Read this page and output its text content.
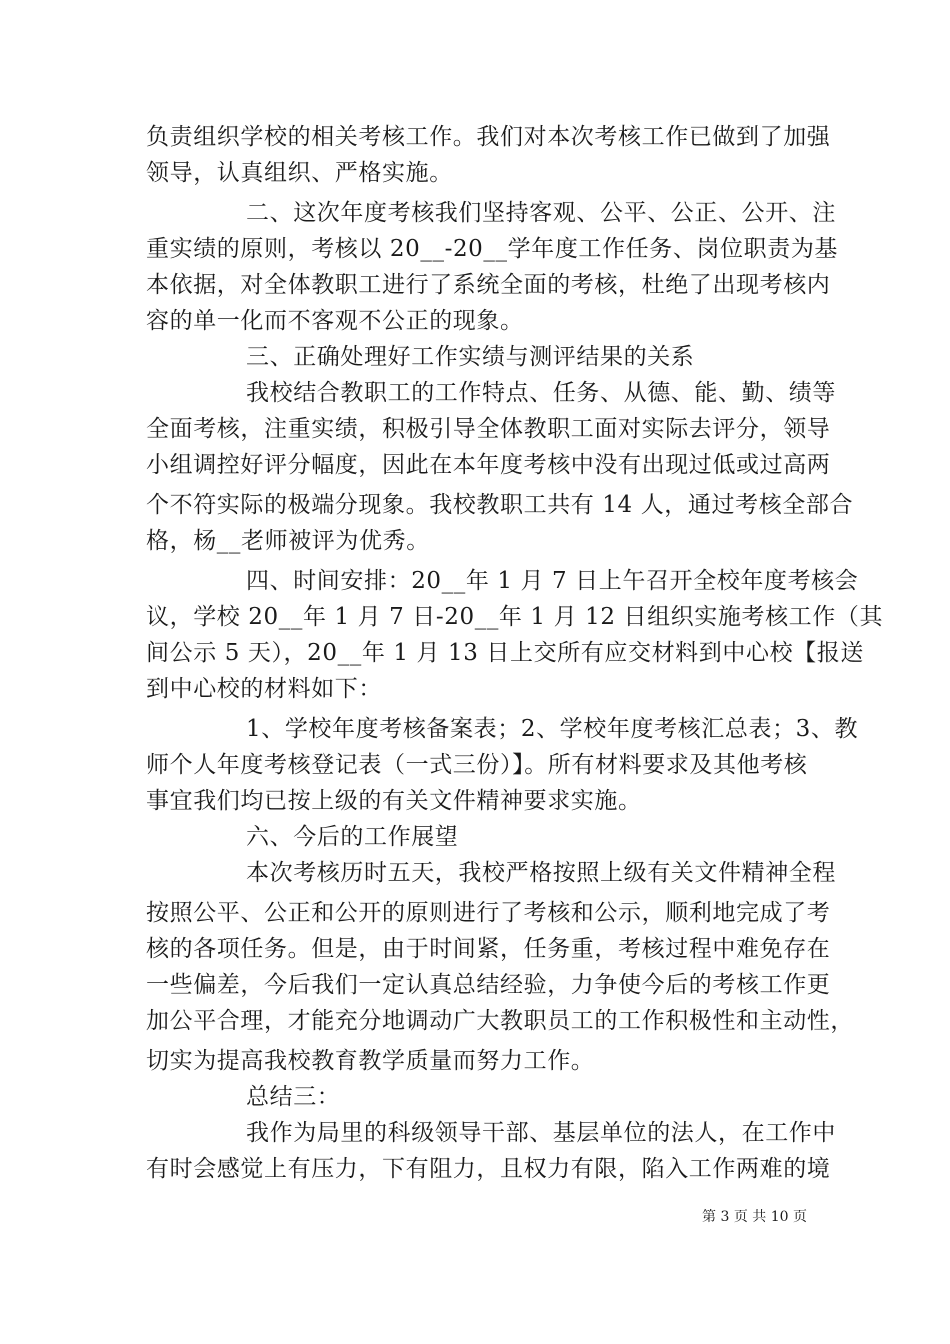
负责组织学校的相关考核工作。我们对本次考核工作已做到了加强
领导，认真组织、严格实施。
二、这次年度考核我们坚持客观、公平、公正、公开、注
重实绩的原则，考核以 20__-20__学年度工作任务、岗位职责为基
本依据，对全体教职工进行了系统全面的考核，杜绝了出现考核内
容的单一化而不客观不公正的现象。
三、正确处理好工作实绩与测评结果的关系
我校结合教职工的工作特点、任务、从德、能、勤、绩等
全面考核，注重实绩，积极引导全体教职工面对实际去评分，领导
小组调控好评分幅度，因此在本年度考核中没有出现过低或过高两
个不符实际的极端分现象。我校教职工共有 14 人，通过考核全部合
格，杨__老师被评为优秀。
四、时间安排：20__年 1 月 7 日上午召开全校年度考核会
议，学校 20__年 1 月 7 日-20__年 1 月 12 日组织实施考核工作（其
间公示 5 天），20__年 1 月 13 日上交所有应交材料到中心校【报送
到中心校的材料如下：
1、学校年度考核备案表；2、学校年度考核汇总表；3、教
师个人年度考核登记表（一式三份）】。所有材料要求及其他考核
事宜我们均已按上级的有关文件精神要求实施。
六、今后的工作展望
本次考核历时五天，我校严格按照上级有关文件精神全程
按照公平、公正和公开的原则进行了考核和公示，顺利地完成了考
核的各项任务。但是，由于时间紧，任务重，考核过程中难免存在
一些偏差，今后我们一定认真总结经验，力争使今后的考核工作更
加公平合理，才能充分地调动广大教职员工的工作积极性和主动性，
切实为提高我校教育教学质量而努力工作。
总结三：
我作为局里的科级领导干部、基层单位的法人，在工作中
有时会感觉上有压力，下有阻力，且权力有限，陷入工作两难的境
第 3 页 共 10 页
